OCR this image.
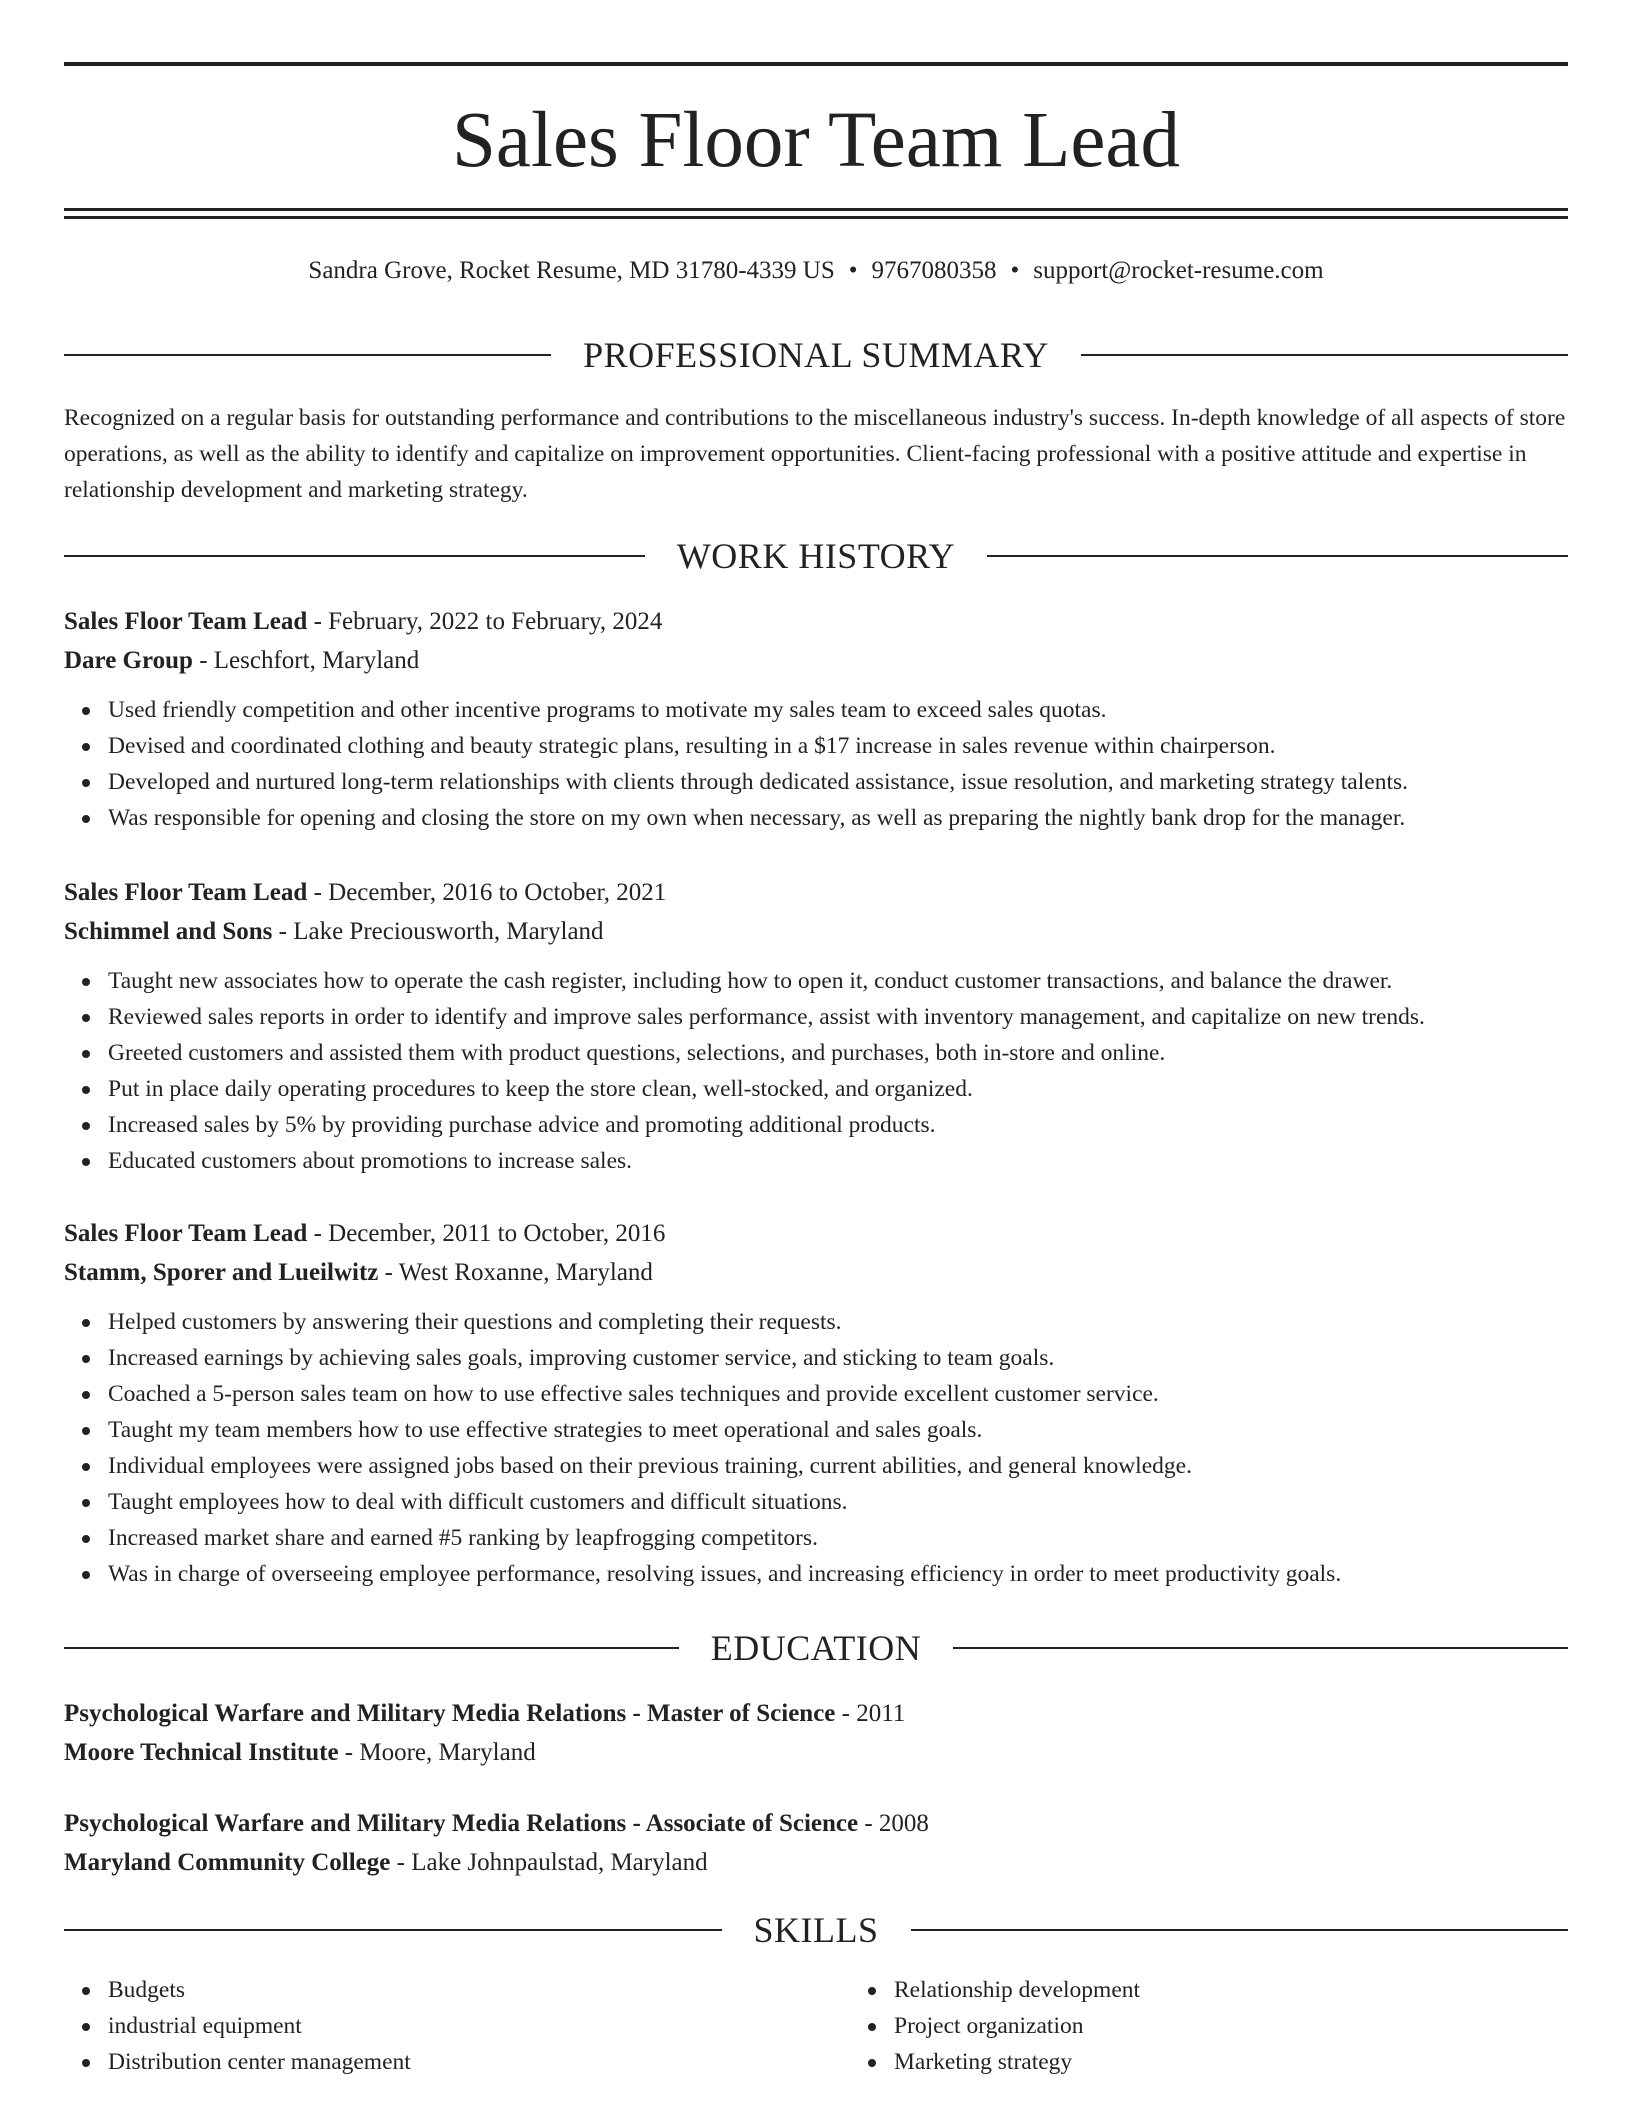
Sales Floor Team Lead
Sandra Grove, Rocket Resume, MD 31780-4339 US • 9767080358 • support@rocket-resume.com
PROFESSIONAL SUMMARY

Recognized on a regular basis for outstanding performance and contributions to the miscellaneous industry's success. In-depth knowledge of all aspects of store operations, as well as the ability to identify and capitalize on improvement opportunities. Client-facing professional with a positive attitude and expertise in relationship development and marketing strategy.

WORK HISTORY
Sales Floor Team Lead - February, 2022 to February, 2024
Dare Group - Leschfort, Maryland
Used friendly competition and other incentive programs to motivate my sales team to exceed sales quotas.
Devised and coordinated clothing and beauty strategic plans, resulting in a $17 increase in sales revenue within chairperson.
Developed and nurtured long-term relationships with clients through dedicated assistance, issue resolution, and marketing strategy talents.
Was responsible for opening and closing the store on my own when necessary, as well as preparing the nightly bank drop for the manager.
Sales Floor Team Lead - December, 2016 to October, 2021
Schimmel and Sons - Lake Preciousworth, Maryland
Taught new associates how to operate the cash register, including how to open it, conduct customer transactions, and balance the drawer.
Reviewed sales reports in order to identify and improve sales performance, assist with inventory management, and capitalize on new trends.
Greeted customers and assisted them with product questions, selections, and purchases, both in-store and online.
Put in place daily operating procedures to keep the store clean, well-stocked, and organized.
Increased sales by 5% by providing purchase advice and promoting additional products.
Educated customers about promotions to increase sales.
Sales Floor Team Lead - December, 2011 to October, 2016
Stamm, Sporer and Lueilwitz - West Roxanne, Maryland
Helped customers by answering their questions and completing their requests.
Increased earnings by achieving sales goals, improving customer service, and sticking to team goals.
Coached a 5-person sales team on how to use effective sales techniques and provide excellent customer service.
Taught my team members how to use effective strategies to meet operational and sales goals.
Individual employees were assigned jobs based on their previous training, current abilities, and general knowledge.
Taught employees how to deal with difficult customers and difficult situations.
Increased market share and earned #5 ranking by leapfrogging competitors.
Was in charge of overseeing employee performance, resolving issues, and increasing efficiency in order to meet productivity goals.
EDUCATION
Psychological Warfare and Military Media Relations - Master of Science - 2011
Moore Technical Institute - Moore, Maryland
Psychological Warfare and Military Media Relations - Associate of Science - 2008
Maryland Community College - Lake Johnpaulstad, Maryland
SKILLS
Budgets
industrial equipment
Distribution center management
Relationship development
Project organization
Marketing strategy
